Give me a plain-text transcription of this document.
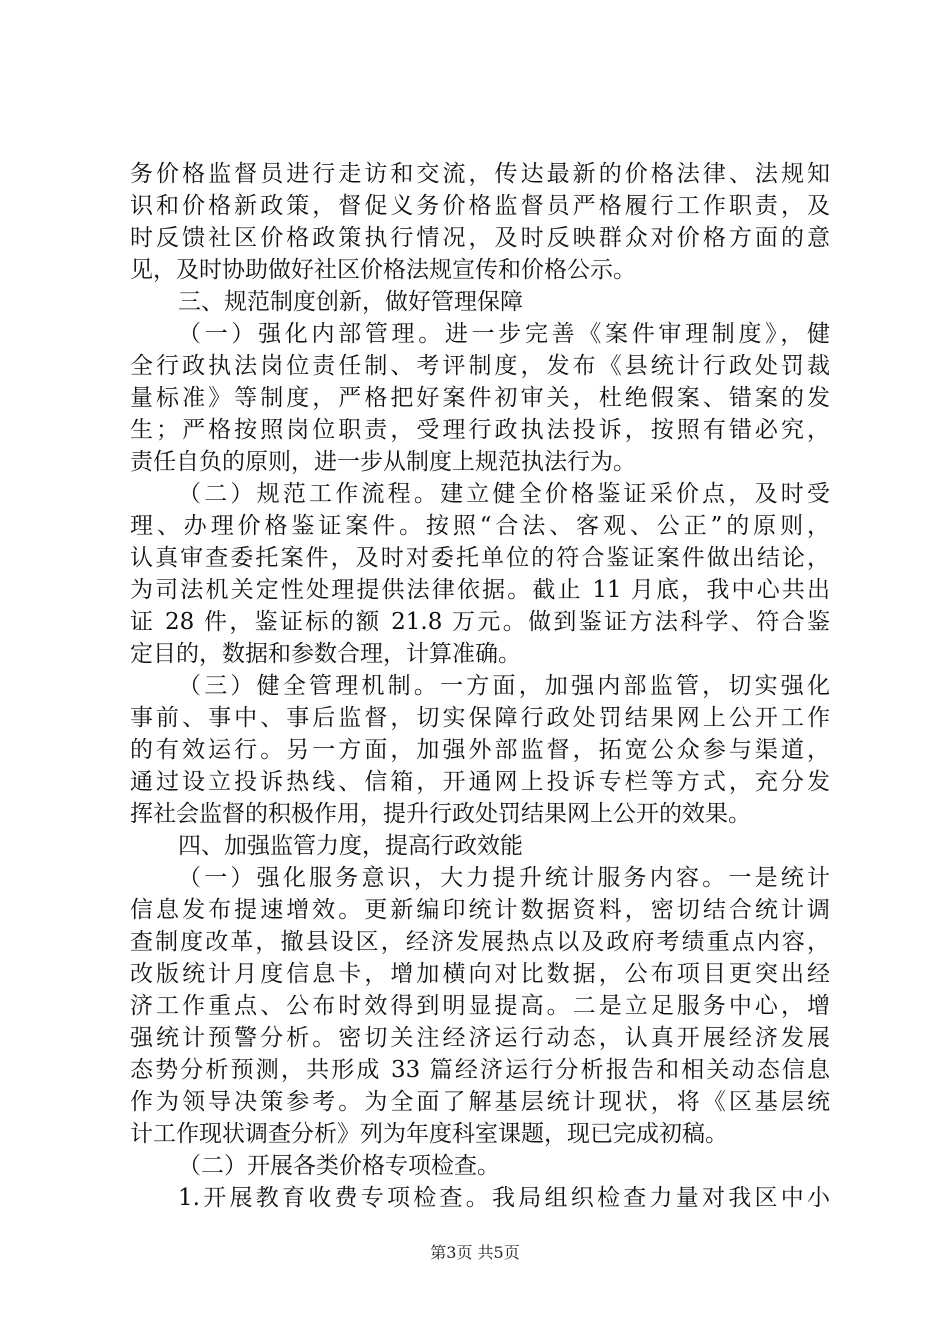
务价格监督员进行走访和交流，传达最新的价格法律、法规知
识和价格新政策，督促义务价格监督员严格履行工作职责，及
时反馈社区价格政策执行情况，及时反映群众对价格方面的意
见，及时协助做好社区价格法规宣传和价格公示。
三、规范制度创新，做好管理保障
（一）强化内部管理。进一步完善《案件审理制度》，健
全行政执法岗位责任制、考评制度，发布《县统计行政处罚裁
量标准》等制度，严格把好案件初审关，杜绝假案、错案的发
生；严格按照岗位职责，受理行政执法投诉，按照有错必究，
责任自负的原则，进一步从制度上规范执法行为。
（二）规范工作流程。建立健全价格鉴证采价点，及时受
理、办理价格鉴证案件。按照“合法、客观、公正”的原则，
认真审查委托案件，及时对委托单位的符合鉴证案件做出结论，
为司法机关定性处理提供法律依据。截止 11 月底，我中心共出
证 28 件，鉴证标的额 21.8 万元。做到鉴证方法科学、符合鉴
定目的，数据和参数合理，计算准确。
（三）健全管理机制。一方面，加强内部监管，切实强化
事前、事中、事后监督，切实保障行政处罚结果网上公开工作
的有效运行。另一方面，加强外部监督，拓宽公众参与渠道，
通过设立投诉热线、信箱，开通网上投诉专栏等方式，充分发
挥社会监督的积极作用，提升行政处罚结果网上公开的效果。
四、加强监管力度，提高行政效能
（一）强化服务意识，大力提升统计服务内容。一是统计
信息发布提速增效。更新编印统计数据资料，密切结合统计调
查制度改革，撤县设区，经济发展热点以及政府考绩重点内容，
改版统计月度信息卡，增加横向对比数据，公布项目更突出经
济工作重点、公布时效得到明显提高。二是立足服务中心，增
强统计预警分析。密切关注经济运行动态，认真开展经济发展
态势分析预测，共形成 33 篇经济运行分析报告和相关动态信息
作为领导决策参考。为全面了解基层统计现状，将《区基层统
计工作现状调查分析》列为年度科室课题，现已完成初稿。
（二）开展各类价格专项检查。
1.开展教育收费专项检查。我局组织检查力量对我区中小
第3页 共5页
